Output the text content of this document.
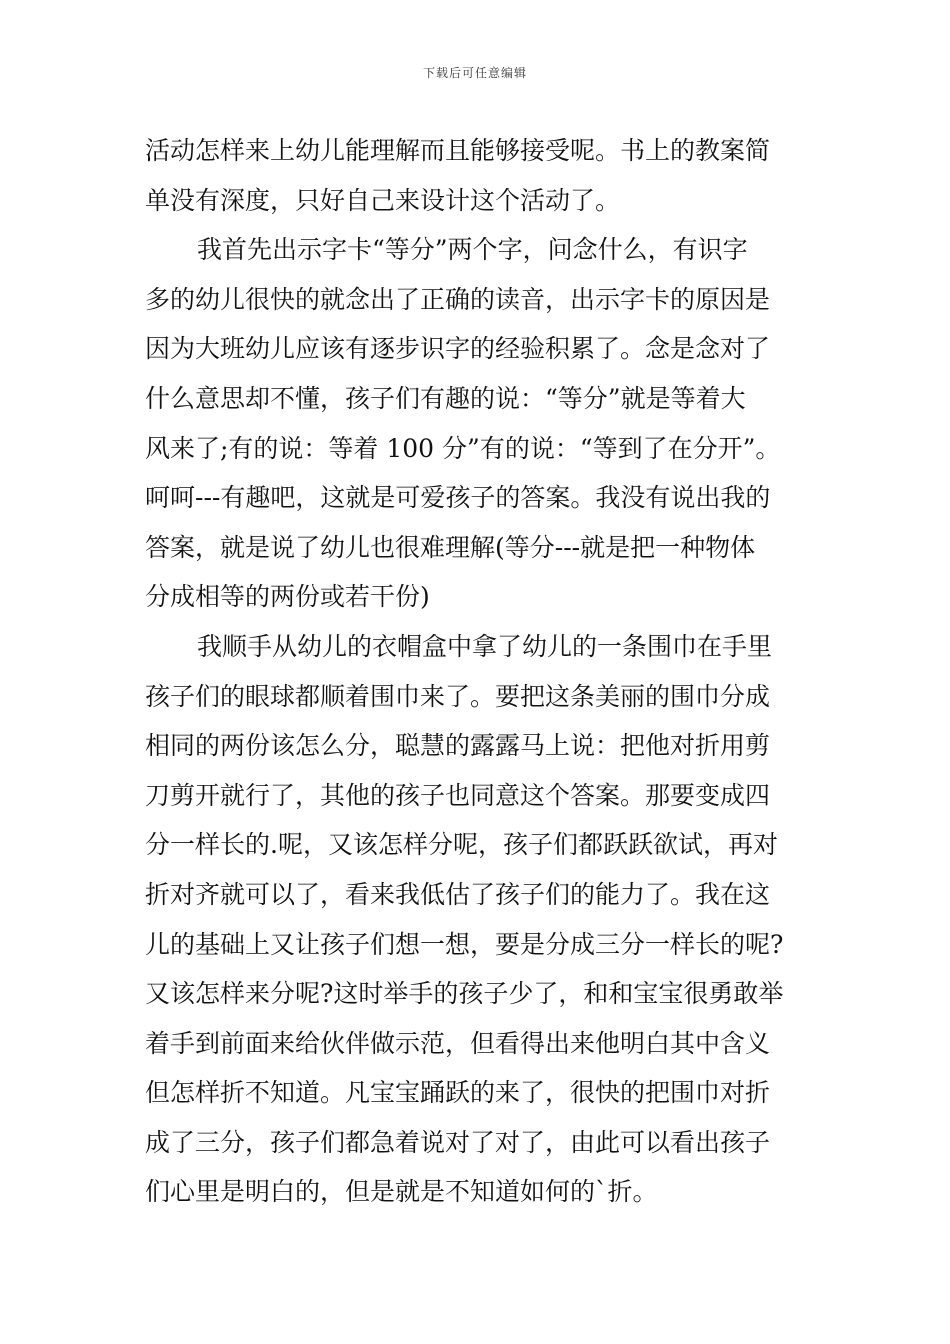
下载后可任意编辑

活动怎样来上幼儿能理解而且能够接受呢。书上的教案简

单没有深度，只好自己来设计这个活动了。

我首先出示字卡“等分”两个字，问念什么，有识字

多的幼儿很快的就念出了正确的读音，出示字卡的原因是

因为大班幼儿应该有逐步识字的经验积累了。念是念对了

什么意思却不懂，孩子们有趣的说：“等分”就是等着大

风来了;有的说：等着 100 分”有的说：“等到了在分开”。

呵呵---有趣吧，这就是可爱孩子的答案。我没有说出我的

答案，就是说了幼儿也很难理解(等分---就是把一种物体

分成相等的两份或若干份)

我顺手从幼儿的衣帽盒中拿了幼儿的一条围巾在手里

孩子们的眼球都顺着围巾来了。要把这条美丽的围巾分成

相同的两份该怎么分，聪慧的露露马上说：把他对折用剪

刀剪开就行了，其他的孩子也同意这个答案。那要变成四

分一样长的.呢，又该怎样分呢，孩子们都跃跃欲试，再对

折对齐就可以了，看来我低估了孩子们的能力了。我在这

儿的基础上又让孩子们想一想，要是分成三分一样长的呢?

又该怎样来分呢?这时举手的孩子少了，和和宝宝很勇敢举

着手到前面来给伙伴做示范，但看得出来他明白其中含义

但怎样折不知道。凡宝宝踊跃的来了，很快的把围巾对折

成了三分，孩子们都急着说对了对了，由此可以看出孩子

们心里是明白的，但是就是不知道如何的`折。
